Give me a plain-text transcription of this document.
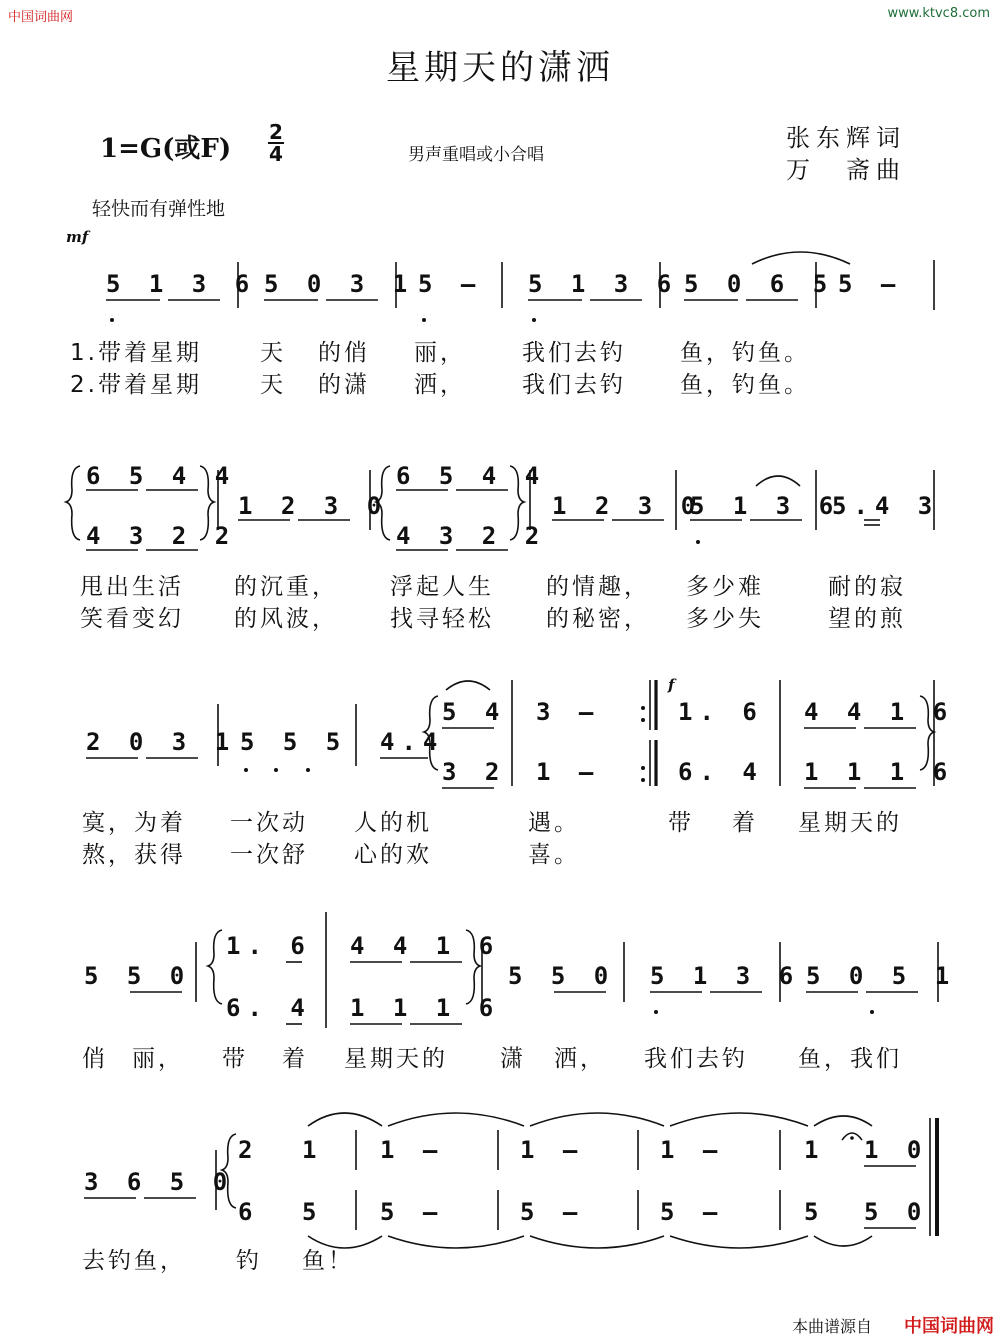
中国词曲网	www.ktvc8.com
星期天的潇洒
1=G(或F)
2
4	男声重唱或小合唱
张东辉词
万　斋曲
轻快而有弹性地
mf
5 1 3 6 5 0 3 1 5 – 5 1 3 6 5 0 6 5 5 –
1.带着星期	天 的俏 丽， 我们去钓 鱼，钓鱼。
2.带着星期	天 的潇 洒， 我们去钓 鱼，钓鱼。
6 5 4 4
4 3 2 2
1 2 3 0
6 5 4 4
4 3 2 2
1 2 3 0
5 1 3 6
5.4 3
甩出生活 的沉重， 浮起人生 的情趣， 多少难	耐的寂
笑看变幻 的风波， 找寻轻松 的秘密， 多少失	望的煎
2 0 3 1 5 5 5 4.4
5 4
3 2
3 –
1 –
f
1. 6
6. 4
4 4 1 6
1 1 1 6
寞，为着 一次动 人的机	遇。	带 着 星期天的
熬，获得 一次舒 心的欢	喜。
5 5 0
1. 6
6. 4
4 4 1 6
1 1 1 6
5 5 0 5 1 3 6 5 0 5 1
俏 丽， 带 着 星期天的 潇 洒， 我们去钓 鱼，我们
3 6 5 0
2
6
1
5
1 –
5 –
1 –
5 –
1 –
5 –
1
5
1 0
5 0
去钓鱼， 钓 鱼！
本曲谱源自 中国词曲网
